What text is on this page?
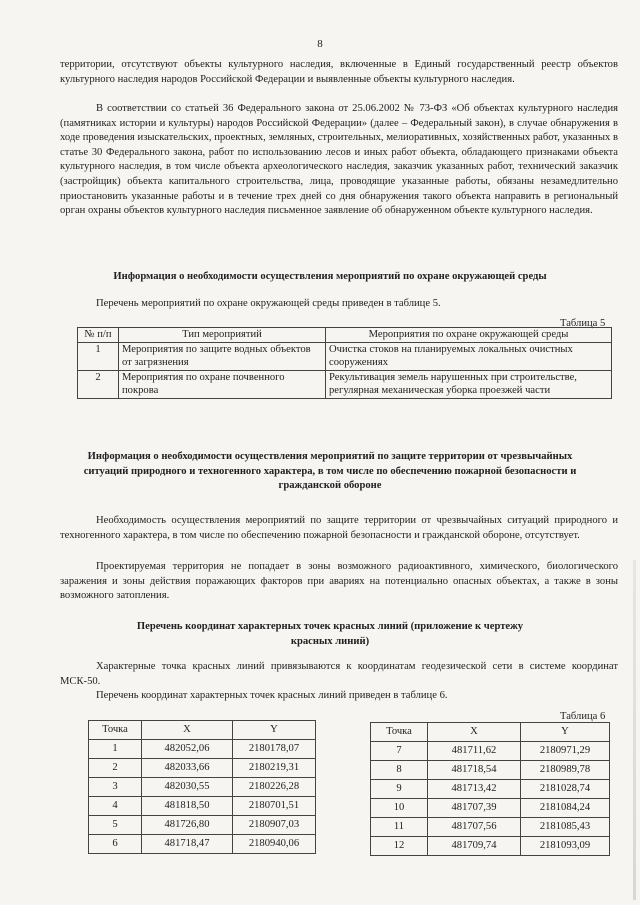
8
территории, отсутствуют объекты культурного наследия, включенные в Единый государственный реестр объектов культурного наследия народов Российской Федерации и выявленные объекты культурного наследия.
В соответствии со статьей 36 Федерального закона от 25.06.2002 № 73-ФЗ «Об объектах культурного наследия (памятниках истории и культуры) народов Российской Федерации» (далее – Федеральный закон), в случае обнаружения в ходе проведения изыскательских, проектных, земляных, строительных, мелиоративных, хозяйственных работ, указанных в статье 30 Федерального закона, работ по использованию лесов и иных работ объекта, обладающего признаками объекта культурного наследия, в том числе объекта археологического наследия, заказчик указанных работ, технический заказчик (застройщик) объекта капитального строительства, лица, проводящие указанные работы, обязаны незамедлительно приостановить указанные работы и в течение трех дней со дня обнаружения такого объекта направить в региональный орган охраны объектов культурного наследия письменное заявление об обнаруженном объекте культурного наследия.
Информация о необходимости осуществления мероприятий по охране окружающей среды
Перечень мероприятий по охране окружающей среды приведен в таблице 5.
Таблица 5
№ п/п	Тип мероприятий	Мероприятия по охране окружающей среды
1	Мероприятия по защите водных объектов от загрязнения	Очистка стоков на планируемых локальных очистных сооружениях
2	Мероприятия по охране почвенного покрова	Рекультивация земель нарушенных при строительстве, регулярная механическая уборка проезжей части
Информация о необходимости осуществления мероприятий по защите территории от чрезвычайных ситуаций природного и техногенного характера, в том числе по обеспечению пожарной безопасности и гражданской обороне
Необходимость осуществления мероприятий по защите территории от чрезвычайных ситуаций природного и техногенного характера, в том числе по обеспечению пожарной безопасности и гражданской обороне, отсутствует.
Проектируемая территория не попадает в зоны возможного радиоактивного, химического, биологического заражения и зоны действия поражающих факторов при авариях на потенциально опасных объектах, а также в зоны возможного затопления.
Перечень координат характерных точек красных линий (приложение к чертежу красных линий)
Характерные точка красных линий привязываются к координатам геодезической сети в системе координат МСК-50.
Перечень координат характерных точек красных линий приведен в таблице 6.
Таблица 6
Точка	X	Y
1	482052,06	2180178,07
2	482033,66	2180219,31
3	482030,55	2180226,28
4	481818,50	2180701,51
5	481726,80	2180907,03
6	481718,47	2180940,06
Точка	X	Y
7	481711,62	2180971,29
8	481718,54	2180989,78
9	481713,42	2181028,74
10	481707,39	2181084,24
11	481707,56	2181085,43
12	481709,74	2181093,09
